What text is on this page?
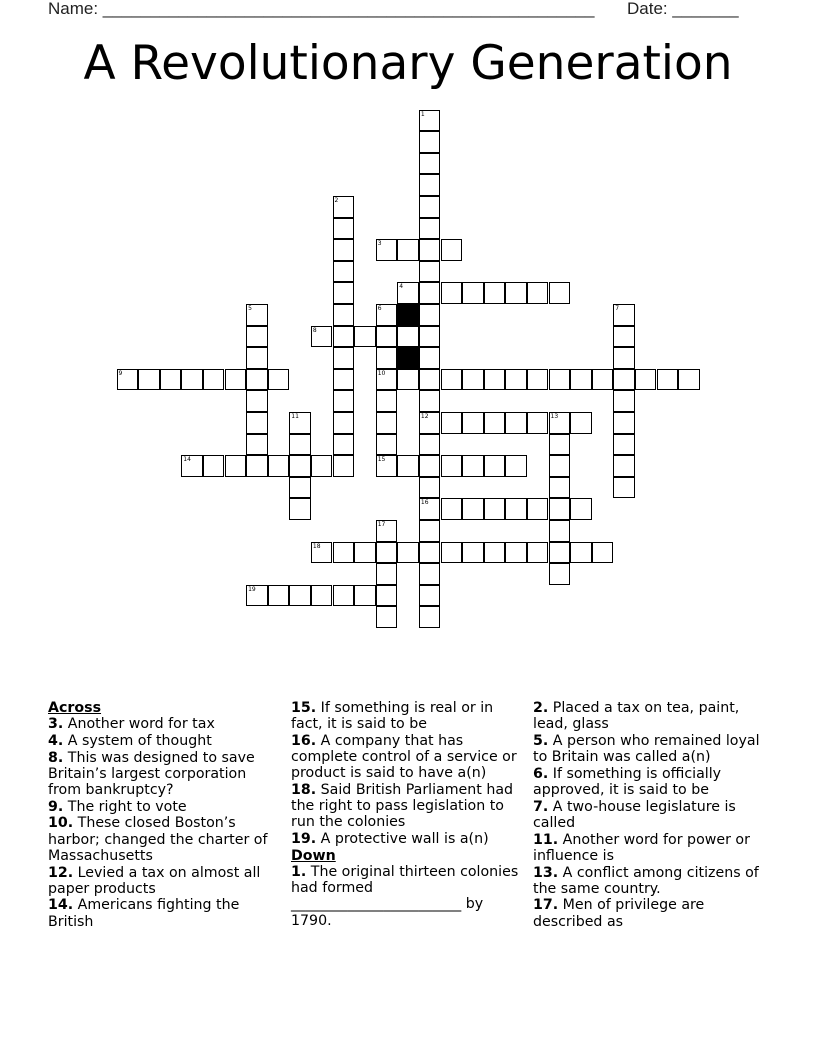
Name: ____________________________________________________ Date: _______
A Revolutionary Generation
1
12
16
2
3
4
5	6
10
15
7
8
9
11	13
14
17
18
19
Across
3. Another word for tax
4. A system of thought
8. This was designed to save Britain’s largest corporation from bankruptcy?
9. The right to vote
10. These closed Boston’s harbor; changed the charter of Massachusetts
12. Levied a tax on almost all paper products
14. Americans fighting the British
15. If something is real or in fact, it is said to be
16. A company that has complete control of a service or product is said to have a(n)
18. Said British Parliament had the right to pass legislation to run the colonies
19. A protective wall is a(n)
Down
1. The original thirteen colonies had formed ________________________ by 1790.
2. Placed a tax on tea, paint, lead, glass
5. A person who remained loyal to Britain was called a(n)
6. If something is officially approved, it is said to be
7. A two-house legislature is called
11. Another word for power or influence is
13. A conflict among citizens of the same country.
17. Men of privilege are described as
